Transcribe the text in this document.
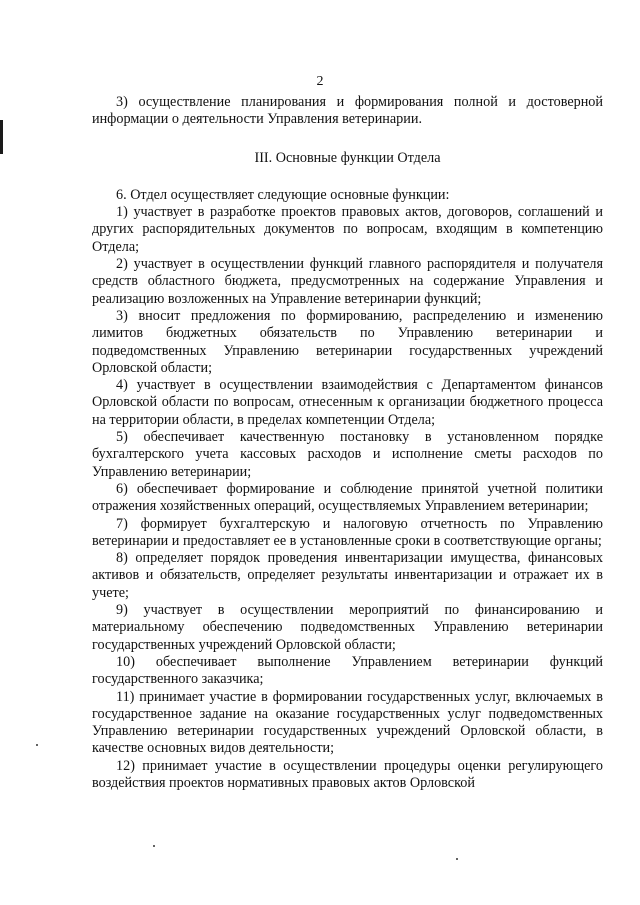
2

3) осуществление планирования и формирования полной и достоверной информации о деятельности Управления ветеринарии.

III. Основные функции Отдела

6. Отдел осуществляет следующие основные функции:

1) участвует в разработке проектов правовых актов, договоров, соглашений и других распорядительных документов по вопросам, входящим в компетенцию Отдела;

2) участвует в осуществлении функций главного распорядителя и получателя средств областного бюджета, предусмотренных на содержание Управления и реализацию возложенных на Управление ветеринарии функций;

3) вносит предложения по формированию, распределению и изменению лимитов бюджетных обязательств по Управлению ветеринарии и подведомственных Управлению ветеринарии государственных учреждений Орловской области;

4) участвует в осуществлении взаимодействия с Департаментом финансов Орловской области по вопросам, отнесенным к организации бюджетного процесса на территории области, в пределах компетенции Отдела;

5) обеспечивает качественную постановку в установленном порядке бухгалтерского учета кассовых расходов и исполнение сметы расходов по Управлению ветеринарии;

6) обеспечивает формирование и соблюдение принятой учетной политики отражения хозяйственных операций, осуществляемых Управлением ветеринарии;

7) формирует бухгалтерскую и налоговую отчетность по Управлению ветеринарии и предоставляет ее в установленные сроки в соответствующие органы;

8) определяет порядок проведения инвентаризации имущества, финансовых активов и обязательств, определяет результаты инвентаризации и отражает их в учете;

9) участвует в осуществлении мероприятий по финансированию и материальному обеспечению подведомственных Управлению ветеринарии государственных учреждений Орловской области;

10) обеспечивает выполнение Управлением ветеринарии функций государственного заказчика;

11) принимает участие в формировании государственных услуг, включаемых в государственное задание на оказание государственных услуг подведомственных Управлению ветеринарии государственных учреждений Орловской области, в качестве основных видов деятельности;

12) принимает участие в осуществлении процедуры оценки регулирующего воздействия проектов нормативных правовых актов Орловской
